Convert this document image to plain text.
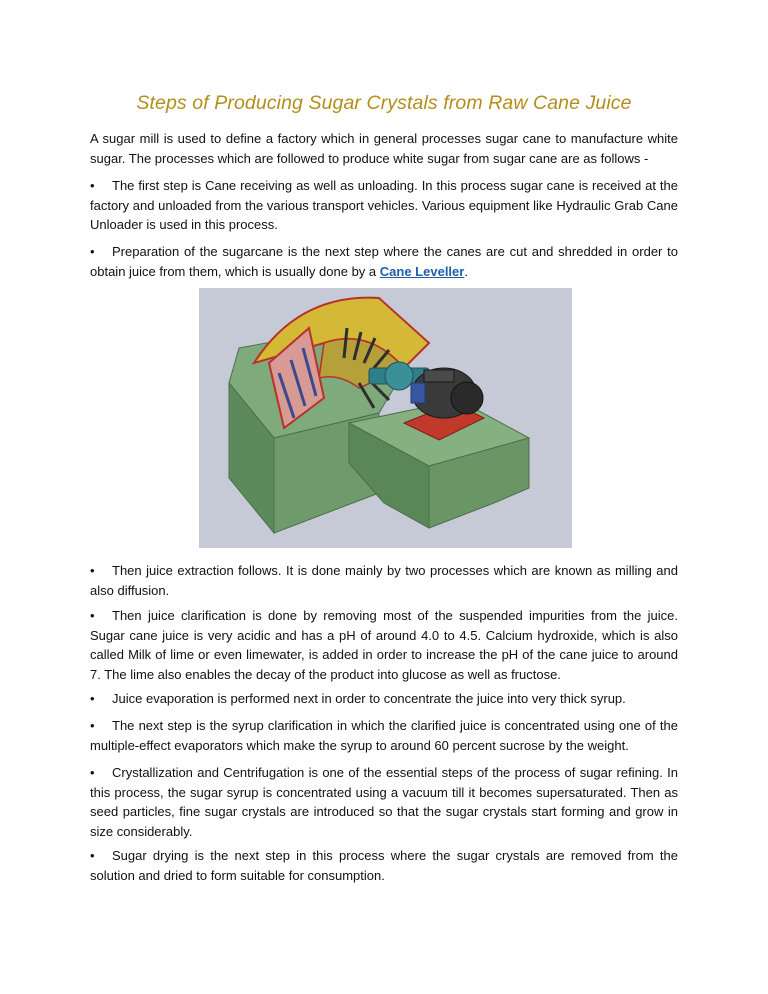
Steps of Producing Sugar Crystals from Raw Cane Juice

A sugar mill is used to define a factory which in general processes sugar cane to manufacture white sugar. The processes which are followed to produce white sugar from sugar cane are as follows -

• The first step is Cane receiving as well as unloading. In this process sugar cane is received at the factory and unloaded from the various transport vehicles. Various equipment like Hydraulic Grab Cane Unloader is used in this process.

• Preparation of the sugarcane is the next step where the canes are cut and shredded in order to obtain juice from them, which is usually done by a Cane Leveller.

• Then juice extraction follows. It is done mainly by two processes which are known as milling and also diffusion.

• Then juice clarification is done by removing most of the suspended impurities from the juice. Sugar cane juice is very acidic and has a pH of around 4.0 to 4.5. Calcium hydroxide, which is also called Milk of lime or even limewater, is added in order to increase the pH of the cane juice to around 7. The lime also enables the decay of the product into glucose as well as fructose.

• Juice evaporation is performed next in order to concentrate the juice into very thick syrup.

• The next step is the syrup clarification in which the clarified juice is concentrated using one of the multiple-effect evaporators which make the syrup to around 60 percent sucrose by the weight.

• Crystallization and Centrifugation is one of the essential steps of the process of sugar refining. In this process, the sugar syrup is concentrated using a vacuum till it becomes supersaturated. Then as seed particles, fine sugar crystals are introduced so that the sugar crystals start forming and grow in size considerably.

• Sugar drying is the next step in this process where the sugar crystals are removed from the solution and dried to form suitable for consumption.
